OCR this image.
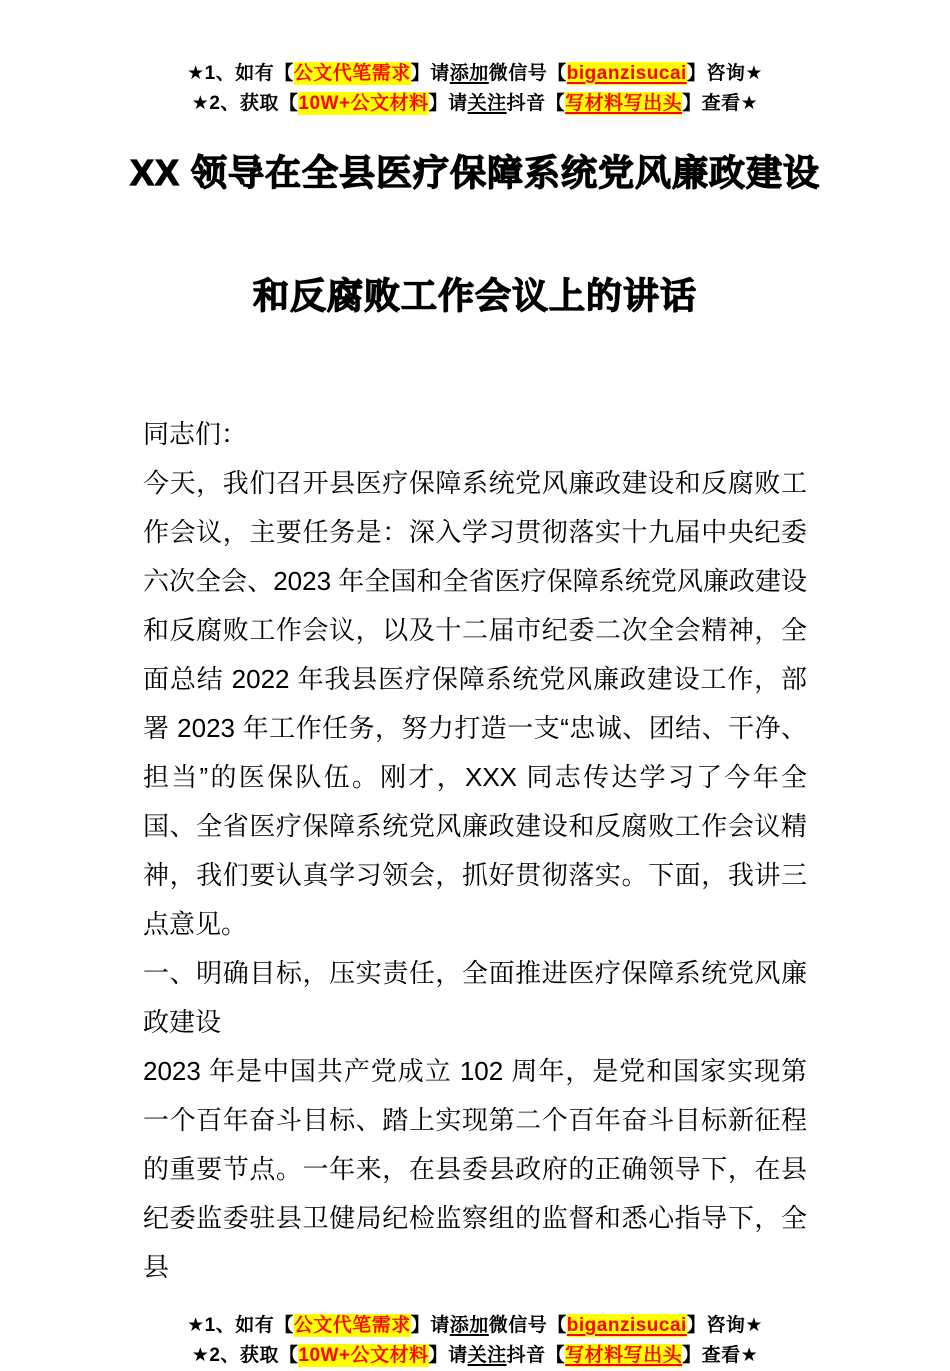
★1、如有【公文代笔需求】请添加微信号【biganzisucai】咨询★
★2、获取【10W+公文材料】请关注抖音【写材料写出头】查看★
XX 领导在全县医疗保障系统党风廉政建设
和反腐败工作会议上的讲话

同志们：

今天，我们召开县医疗保障系统党风廉政建设和反腐败工作会议，主要任务是：深入学习贯彻落实十九届中央纪委六次全会、2023 年全国和全省医疗保障系统党风廉政建设和反腐败工作会议，以及十二届市纪委二次全会精神，全面总结 2022 年我县医疗保障系统党风廉政建设工作，部署 2023 年工作任务，努力打造一支“忠诚、团结、干净、担当”的医保队伍。刚才，XXX 同志传达学习了今年全国、全省医疗保障系统党风廉政建设和反腐败工作会议精神，我们要认真学习领会，抓好贯彻落实。下面，我讲三点意见。

一、明确目标，压实责任，全面推进医疗保障系统党风廉政建设

2023 年是中国共产党成立 102 周年，是党和国家实现第一个百年奋斗目标、踏上实现第二个百年奋斗目标新征程的重要节点。一年来，在县委县政府的正确领导下，在县纪委监委驻县卫健局纪检监察组的监督和悉心指导下，全县

★1、如有【公文代笔需求】请添加微信号【biganzisucai】咨询★
★2、获取【10W+公文材料】请关注抖音【写材料写出头】查看★
